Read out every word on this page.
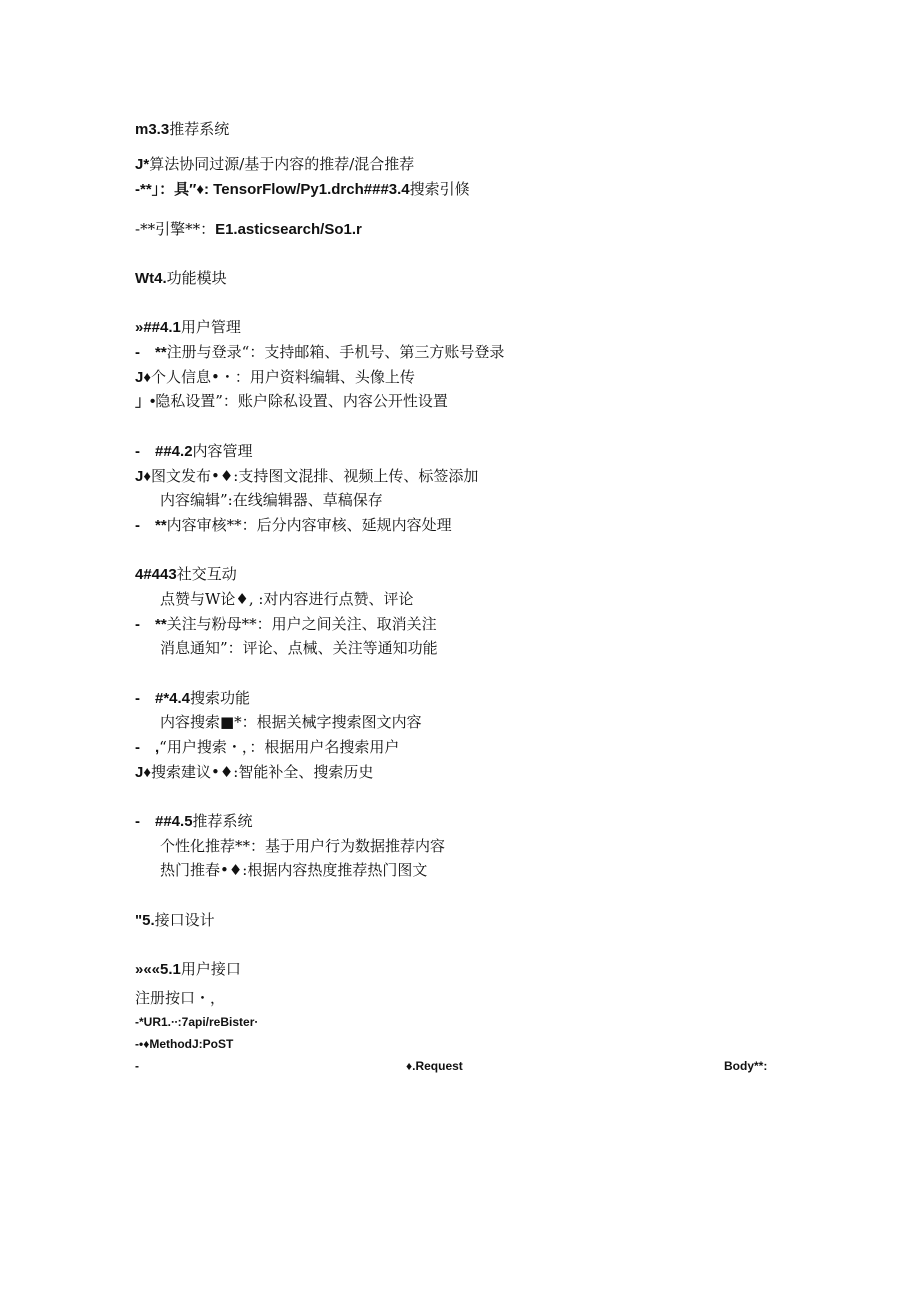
m3.3推荐系统
J*算法协同过源/基于内容的推荐/混合推荐
-**」：具″♦: TensorFlow/Py1.drch###3.4搜索引倏
-**引擎**：E1.asticsearch/So1.r
Wt4.功能模块
»##4.1用户管理
-　**注册与登录“：支持邮箱、手机号、第三方账号登录
J♦个人信息•・：用户资料编辑、头像上传
」•隐私设置”：账户除私设置、内容公开性设置
-　##4.2内容管理
J♦图文发布•♦:支持图文混排、视频上传、标签添加
内容编辑”:在线编辑器、草稿保存
-　**内容审核**：后分内容审核、延规内容处理
4#443社交互动
点赞与W论♦, :对内容进行点赞、评论
-　**关注与粉母**：用户之间关注、取消关注
消息通知”：评论、点械、关注等通知功能
-　#*4.4搜索功能
内容搜索■*：根据关械字搜索图文内容
-　,“用户搜索・，：根据用户名搜索用户
J♦搜索建议•♦:智能补全、搜索历史
-　##4.5推荐系统
个性化推荐**：基于用户行为数据推荐内容
热门推春•♦:根据内容热度推荐热门图文
"5.接口设计
»««5.1用户接口
注册按口・，
-*UR1.∙∙:7api/reBister∙
-•♦MethodJ:PoST
-	♦.Request	Body**:
